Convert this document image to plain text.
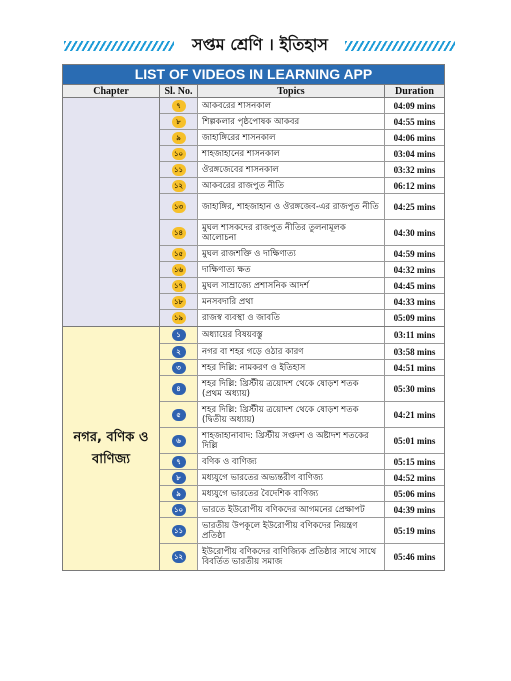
সপ্তম শ্রেণি । ইতিহাস
LIST OF VIDEOS IN LEARNING APP
Chapter	Sl. No.	Topics	Duration
৭	আকবরের শাসনকাল	04:09 mins
৮	শিল্পকলার পৃষ্ঠপোষক আকবর	04:55 mins
৯	জাহাঙ্গিরের শাসনকাল	04:06 mins
১০	শাহজাহানের শাসনকাল	03:04 mins
১১	ঔরঙ্গজেবের শাসনকাল	03:32 mins
১২	আকবরের রাজপুত নীতি	06:12 mins
১৩	জাহাঙ্গির, শাহজাহান ও ঔরঙ্গজেব-এর রাজপুত নীতি	04:25 mins
১৪	মুঘল শাসকদের রাজপুত নীতির তুলনামূলক আলোচনা	04:30 mins
১৫	মুঘল রাজশক্তি ও দাক্ষিণাত্য	04:59 mins
১৬	দাক্ষিণাত্য ক্ষত	04:32 mins
১৭	মুঘল সাম্রাজ্যে প্রশাসনিক আদর্শ	04:45 mins
১৮	মনসবদারি প্রথা	04:33 mins
১৯	রাজস্ব ব্যবস্থা ও জাবতি	05:09 mins
নগর, বণিক ও বাণিজ্য
১	অধ্যায়ের বিষয়বস্তু	03:11 mins
২	নগর বা শহর গড়ে ওঠার কারণ	03:58 mins
৩	শহর দিল্লি: নামকরণ ও ইতিহাস	04:51 mins
৪	শহর দিল্লি: খ্রিস্টীয় ত্রয়োদশ থেকে ষোড়শ শতক (প্রথম অধ্যায়)	05:30 mins
৫	শহর দিল্লি: খ্রিস্টীয় ত্রয়োদশ থেকে ষোড়শ শতক (দ্বিতীয় অধ্যায়)	04:21 mins
৬	শাহজাহানাবাদ: খ্রিস্টীয় সপ্তদশ ও অষ্টাদশ শতকের দিল্লি	05:01 mins
৭	বণিক ও বাণিজ্য	05:15 mins
৮	মধ্যযুগে ভারতের অভ্যন্তরীণ বাণিজ্য	04:52 mins
৯	মধ্যযুগে ভারতের বৈদেশিক বাণিজ্য	05:06 mins
১০	ভারতে ইউরোপীয় বণিকদের আগমনের প্রেক্ষাপট	04:39 mins
১১	ভারতীয় উপকূলে ইউরোপীয় বণিকদের নিয়ন্ত্রণ প্রতিষ্ঠা	05:19 mins
১২	ইউরোপীয় বণিকদের বাণিজ্যিক প্রতিষ্ঠার সাথে সাথে বিবর্তিত ভারতীয় সমাজ	05:46 mins
